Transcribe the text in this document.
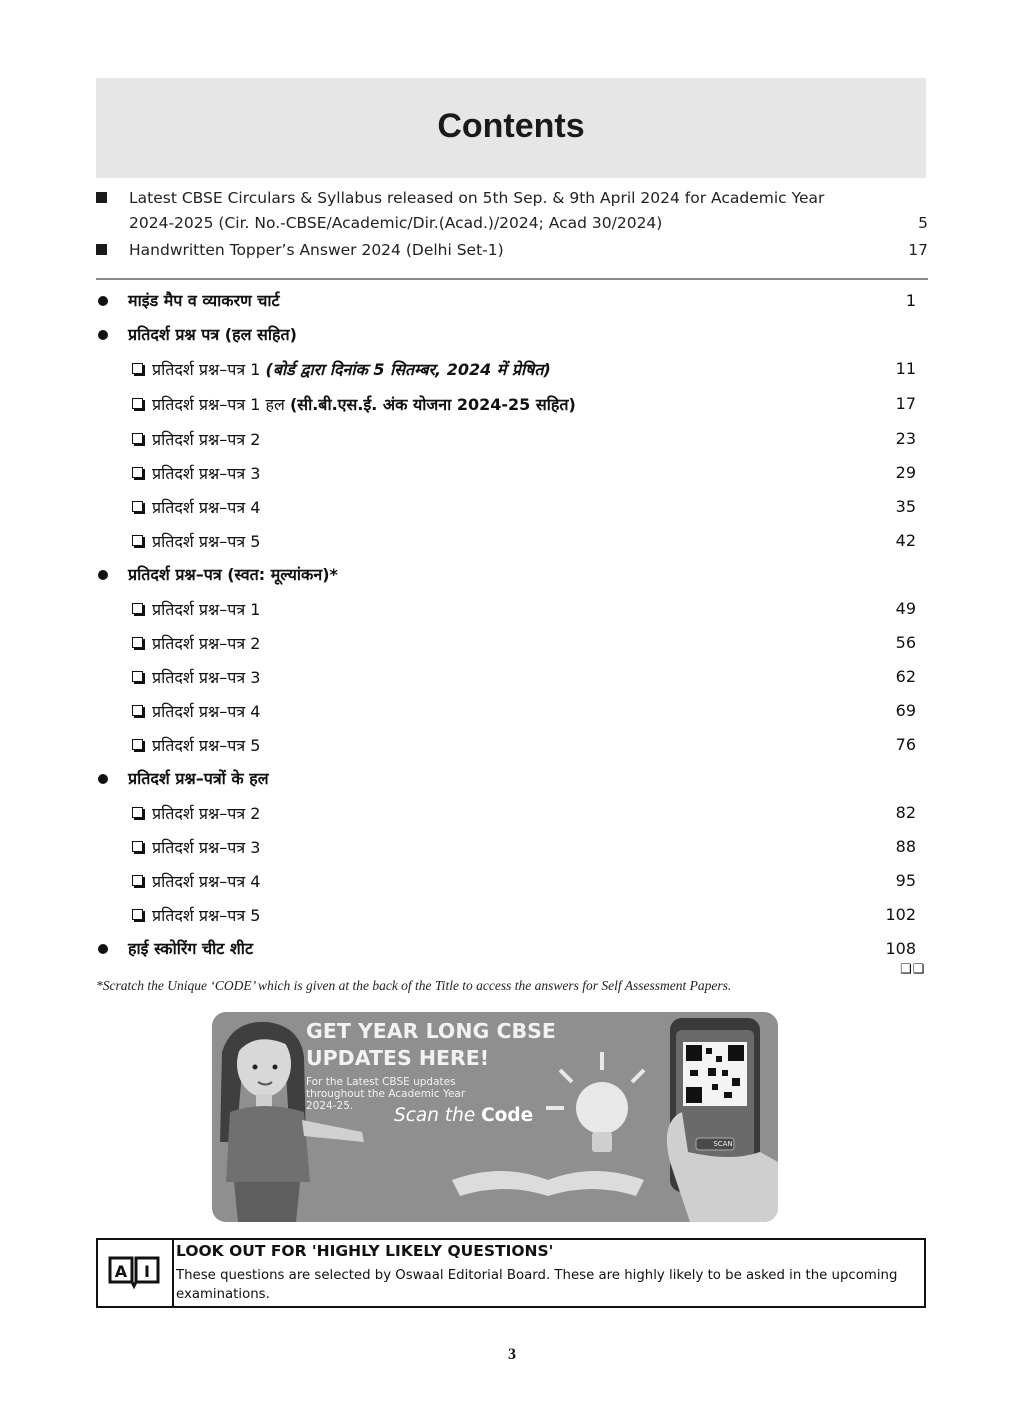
Contents
Latest CBSE Circulars & Syllabus released on 5th Sep. & 9th April 2024 for Academic Year 2024-2025 (Cir. No.-CBSE/Academic/Dir.(Acad.)/2024; Acad 30/2024)	5
Handwritten Topper’s Answer 2024 (Delhi Set-1)	17
माइंड मैप व व्याकरण चार्ट	1
प्रतिदर्श प्रश्न पत्र (हल सहित)
प्रतिदर्श प्रश्न–पत्र 1 (बोर्ड द्वारा दिनांक 5 सितम्बर, 2024 में प्रेषित)	11
प्रतिदर्श प्रश्न–पत्र 1 हल (सी.बी.एस.ई. अंक योजना 2024-25 सहित)	17
प्रतिदर्श प्रश्न–पत्र 2	23
प्रतिदर्श प्रश्न–पत्र 3	29
प्रतिदर्श प्रश्न–पत्र 4	35
प्रतिदर्श प्रश्न–पत्र 5	42
प्रतिदर्श प्रश्न–पत्र (स्वत: मूल्यांकन)*
प्रतिदर्श प्रश्न–पत्र 1	49
प्रतिदर्श प्रश्न–पत्र 2	56
प्रतिदर्श प्रश्न–पत्र 3	62
प्रतिदर्श प्रश्न–पत्र 4	69
प्रतिदर्श प्रश्न–पत्र 5	76
प्रतिदर्श प्रश्न–पत्रों के हल
प्रतिदर्श प्रश्न–पत्र 2	82
प्रतिदर्श प्रश्न–पत्र 3	88
प्रतिदर्श प्रश्न–पत्र 4	95
प्रतिदर्श प्रश्न–पत्र 5	102
हाई स्कोरिंग चीट शीट	108
❑❑
*Scratch the Unique ‘CODE’ which is given at the back of the Title to access the answers for Self Assessment Papers.
GET YEAR LONG CBSE
UPDATES HERE!
For the Latest CBSE updates throughout the Academic Year 2024-25.	Scan the Code
SCAN
A I
LOOK OUT FOR 'HIGHLY LIKELY QUESTIONS'
These questions are selected by Oswaal Editorial Board. These are highly likely to be asked in the upcoming examinations.
3
